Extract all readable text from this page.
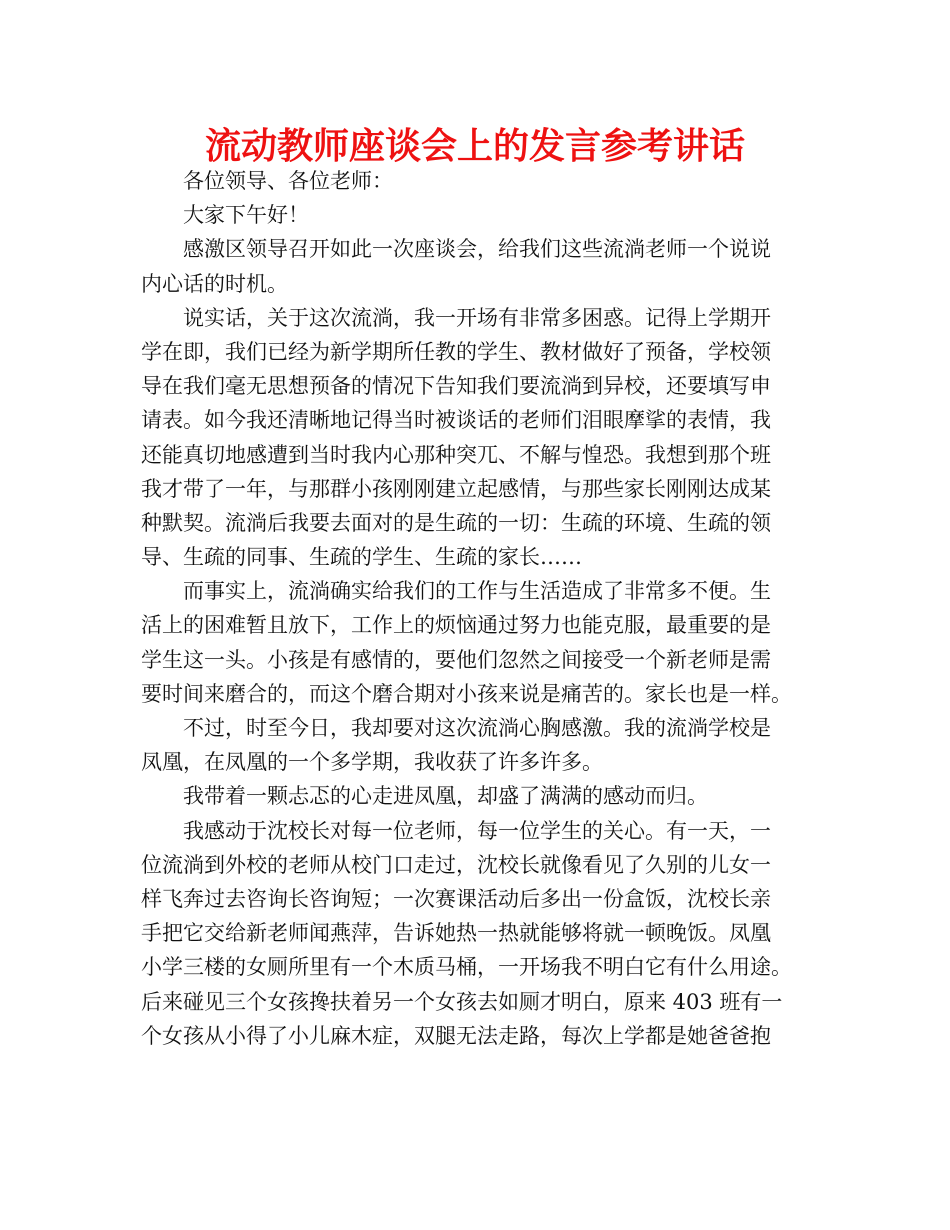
流动教师座谈会上的发言参考讲话
各位领导、各位老师：
大家下午好！
感激区领导召开如此一次座谈会，给我们这些流淌老师一个说说
内心话的时机。
说实话，关于这次流淌，我一开场有非常多困惑。记得上学期开
学在即，我们已经为新学期所任教的学生、教材做好了预备，学校领
导在我们毫无思想预备的情况下告知我们要流淌到异校，还要填写申
请表。如今我还清晰地记得当时被谈话的老师们泪眼摩挲的表情，我
还能真切地感遭到当时我内心那种突兀、不解与惶恐。我想到那个班
我才带了一年，与那群小孩刚刚建立起感情，与那些家长刚刚达成某
种默契。流淌后我要去面对的是生疏的一切：生疏的环境、生疏的领
导、生疏的同事、生疏的学生、生疏的家长……
而事实上，流淌确实给我们的工作与生活造成了非常多不便。生
活上的困难暂且放下，工作上的烦恼通过努力也能克服，最重要的是
学生这一头。小孩是有感情的，要他们忽然之间接受一个新老师是需
要时间来磨合的，而这个磨合期对小孩来说是痛苦的。家长也是一样。
不过，时至今日，我却要对这次流淌心胸感激。我的流淌学校是
凤凰，在凤凰的一个多学期，我收获了许多许多。
我带着一颗忐忑的心走进凤凰，却盛了满满的感动而归。
我感动于沈校长对每一位老师，每一位学生的关心。有一天，一
位流淌到外校的老师从校门口走过，沈校长就像看见了久别的儿女一
样飞奔过去咨询长咨询短；一次赛课活动后多出一份盒饭，沈校长亲
手把它交给新老师闻燕萍，告诉她热一热就能够将就一顿晚饭。凤凰
小学三楼的女厕所里有一个木质马桶，一开场我不明白它有什么用途。
后来碰见三个女孩搀扶着另一个女孩去如厕才明白，原来 403 班有一
个女孩从小得了小儿麻木症，双腿无法走路，每次上学都是她爸爸抱
